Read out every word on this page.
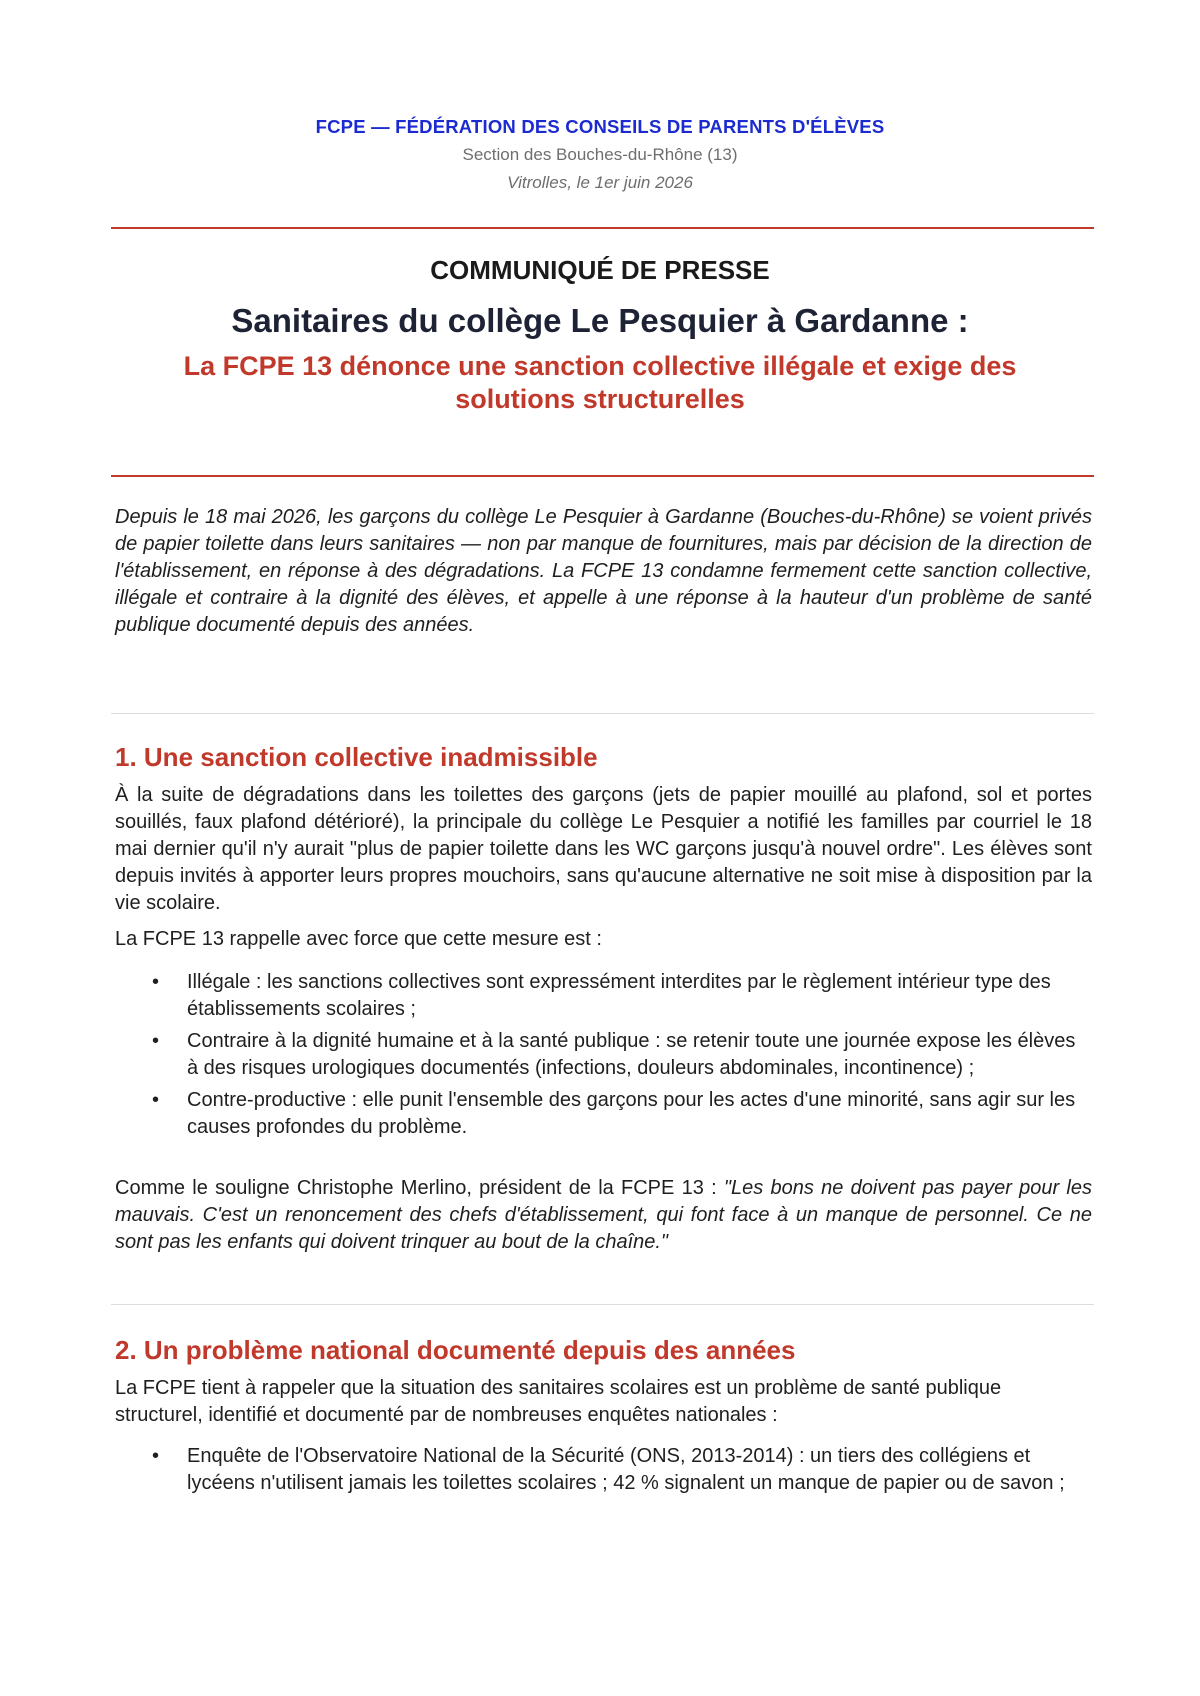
FCPE — FÉDÉRATION DES CONSEILS DE PARENTS D'ÉLÈVES
Section des Bouches-du-Rhône (13)
Vitrolles, le 1er juin 2026
COMMUNIQUÉ DE PRESSE
Sanitaires du collège Le Pesquier à Gardanne :
La FCPE 13 dénonce une sanction collective illégale et exige des
solutions structurelles
Depuis le 18 mai 2026, les garçons du collège Le Pesquier à Gardanne (Bouches-du-Rhône) se voient privés de papier toilette dans leurs sanitaires — non par manque de fournitures, mais par décision de la direction de l'établissement, en réponse à des dégradations. La FCPE 13 condamne fermement cette sanction collective, illégale et contraire à la dignité des élèves, et appelle à une réponse à la hauteur d'un problème de santé publique documenté depuis des années.
1. Une sanction collective inadmissible
À la suite de dégradations dans les toilettes des garçons (jets de papier mouillé au plafond, sol et portes souillés, faux plafond détérioré), la principale du collège Le Pesquier a notifié les familles par courriel le 18 mai dernier qu'il n'y aurait "plus de papier toilette dans les WC garçons jusqu'à nouvel ordre". Les élèves sont depuis invités à apporter leurs propres mouchoirs, sans qu'aucune alternative ne soit mise à disposition par la vie scolaire.
La FCPE 13 rappelle avec force que cette mesure est :
• Illégale : les sanctions collectives sont expressément interdites par le règlement intérieur type des établissements scolaires ;
• Contraire à la dignité humaine et à la santé publique : se retenir toute une journée expose les élèves à des risques urologiques documentés (infections, douleurs abdominales, incontinence) ;
• Contre-productive : elle punit l'ensemble des garçons pour les actes d'une minorité, sans agir sur les causes profondes du problème.
Comme le souligne Christophe Merlino, président de la FCPE 13 : "Les bons ne doivent pas payer pour les mauvais. C'est un renoncement des chefs d'établissement, qui font face à un manque de personnel. Ce ne sont pas les enfants qui doivent trinquer au bout de la chaîne."
2. Un problème national documenté depuis des années
La FCPE tient à rappeler que la situation des sanitaires scolaires est un problème de santé publique structurel, identifié et documenté par de nombreuses enquêtes nationales :
• Enquête de l'Observatoire National de la Sécurité (ONS, 2013-2014) : un tiers des collégiens et lycéens n'utilisent jamais les toilettes scolaires ; 42 % signalent un manque de papier ou de savon ;
